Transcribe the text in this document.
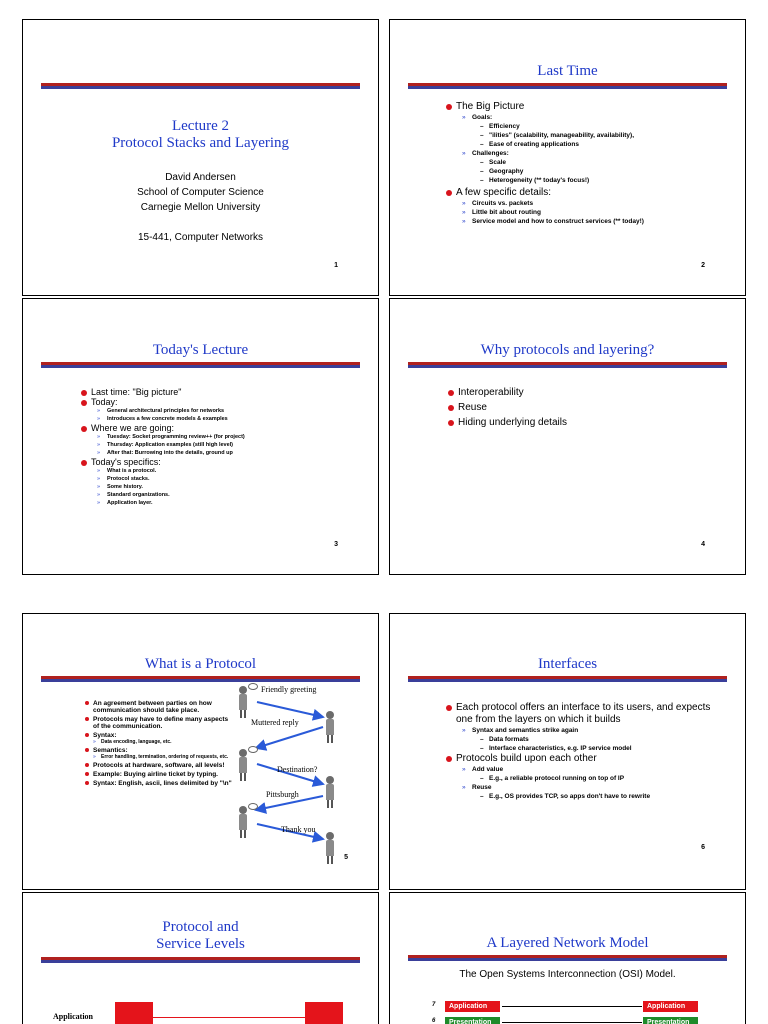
Lecture 2
Protocol Stacks and Layering
David Andersen
School of Computer Science
Carnegie Mellon University
15-441, Computer Networks
1
Last Time
The Big Picture
» Goals:
– Efficiency
– "ilities" (scalability, manageability, availability),
– Ease of creating applications
» Challenges:
– Scale
– Geography
– Heterogeneity (** today's focus!)
A few specific details:
» Circuits vs. packets
» Little bit about routing
» Service model and how to construct services (** today!)
2
Today's Lecture
Last time: "Big picture"
Today:
» General architectural principles for networks
» Introduces a few concrete models & examples
Where we are going:
» Tuesday: Socket programming review++ (for project)
» Thursday: Application examples (still high level)
» After that: Burrowing into the details, ground up
Today's specifics:
» What is a protocol.
» Protocol stacks.
» Some history.
» Standard organizations.
» Application layer.
3
Why protocols and layering?
Interoperability
Reuse
Hiding underlying details
4
What is a Protocol
An agreement between parties on how communication should take place.
Protocols may have to define many aspects of the communication.
Syntax:
» Data encoding, language, etc.
Semantics:
» Error handling, termination, ordering of requests, etc.
Protocols at hardware, software, all levels!
Example: Buying airline ticket by typing.
Syntax: English, ascii, lines delimited by "\n"
Friendly greeting
Muttered reply
Destination?
Pittsburgh
Thank you
5
Interfaces
Each protocol offers an interface to its users, and expects one from the layers on which it builds
» Syntax and semantics strike again
– Data formats
– Interface characteristics, e.g. IP service model
Protocols build upon each other
» Add value
– E.g., a reliable protocol running on top of IP
» Reuse
– E.g., OS provides TCP, so apps don't have to rewrite
6
Protocol and
Service Levels
Application
A Layered Network Model
The Open Systems Interconnection (OSI) Model.
7	Application	Application
6	Presentation	Presentation
